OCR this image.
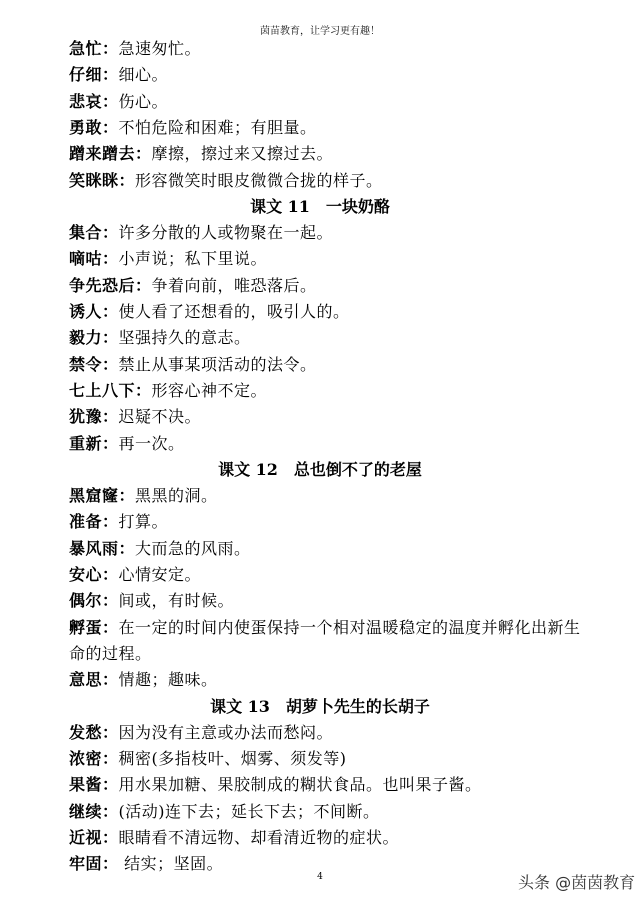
茵苗教育，让学习更有趣！
急忙：急速匆忙。
仔细：细心。
悲哀：伤心。
勇敢：不怕危险和困难；有胆量。
蹭来蹭去：摩擦，擦过来又擦过去。
笑眯眯：形容微笑时眼皮微微合拢的样子。
课文 11　一块奶酪
集合：许多分散的人或物聚在一起。
嘀咕：小声说；私下里说。
争先恐后：争着向前，唯恐落后。
诱人：使人看了还想看的，吸引人的。
毅力：坚强持久的意志。
禁令：禁止从事某项活动的法令。
七上八下：形容心神不定。
犹豫：迟疑不决。
重新：再一次。
课文 12　总也倒不了的老屋
黑窟窿：黑黑的洞。
准备：打算。
暴风雨：大而急的风雨。
安心：心情安定。
偶尔：间或，有时候。
孵蛋：在一定的时间内使蛋保持一个相对温暖稳定的温度并孵化出新生
命的过程。
意思：情趣；趣味。
课文 13　胡萝卜先生的长胡子
发愁：因为没有主意或办法而愁闷。
浓密：稠密(多指枝叶、烟雾、须发等)
果酱：用水果加糖、果胶制成的糊状食品。也叫果子酱。
继续：(活动)连下去；延长下去；不间断。
近视：眼睛看不清远物、却看清近物的症状。
牢固： 结实；坚固。
4	头条 @茵茵教育
